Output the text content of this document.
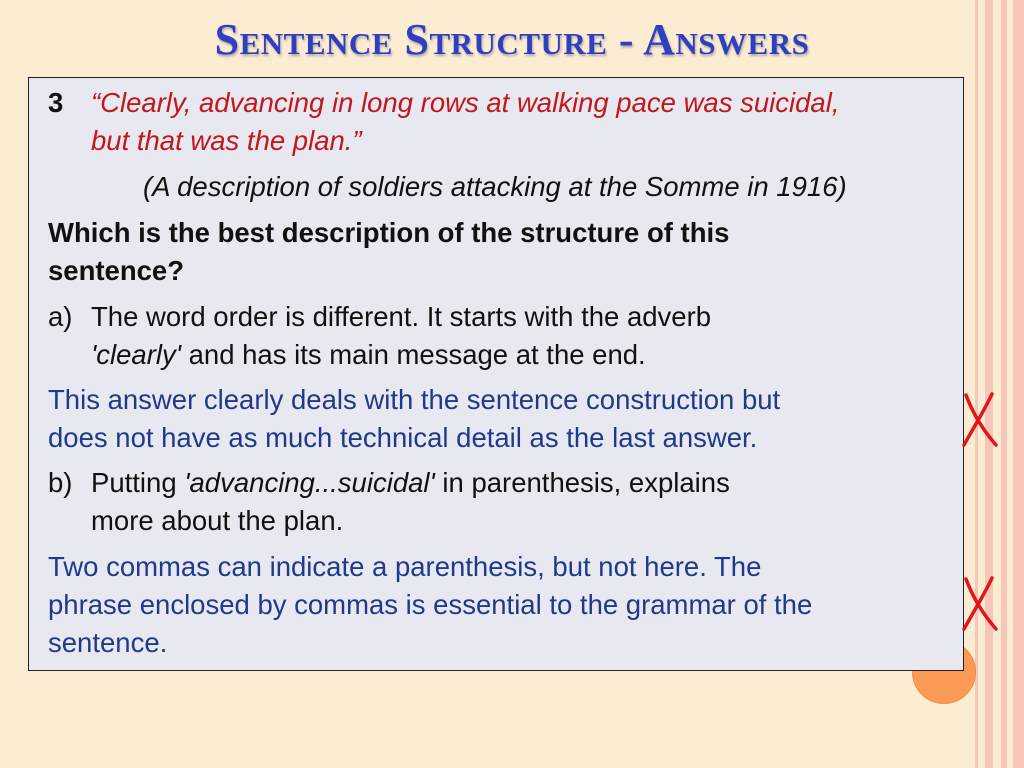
Sentence Structure - Answers

3 “Clearly, advancing in long rows at walking pace was suicidal,

but that was the plan.”

(A description of soldiers attacking at the Somme in 1916)

Which is the best description of the structure of this

sentence?

a) The word order is different. It starts with the adverb

'clearly' and has its main message at the end.

This answer clearly deals with the sentence construction but

does not have as much technical detail as the last answer.

b) Putting 'advancing...suicidal' in parenthesis, explains

more about the plan.

Two commas can indicate a parenthesis, but not here. The

phrase enclosed by commas is essential to the grammar of the

sentence.
